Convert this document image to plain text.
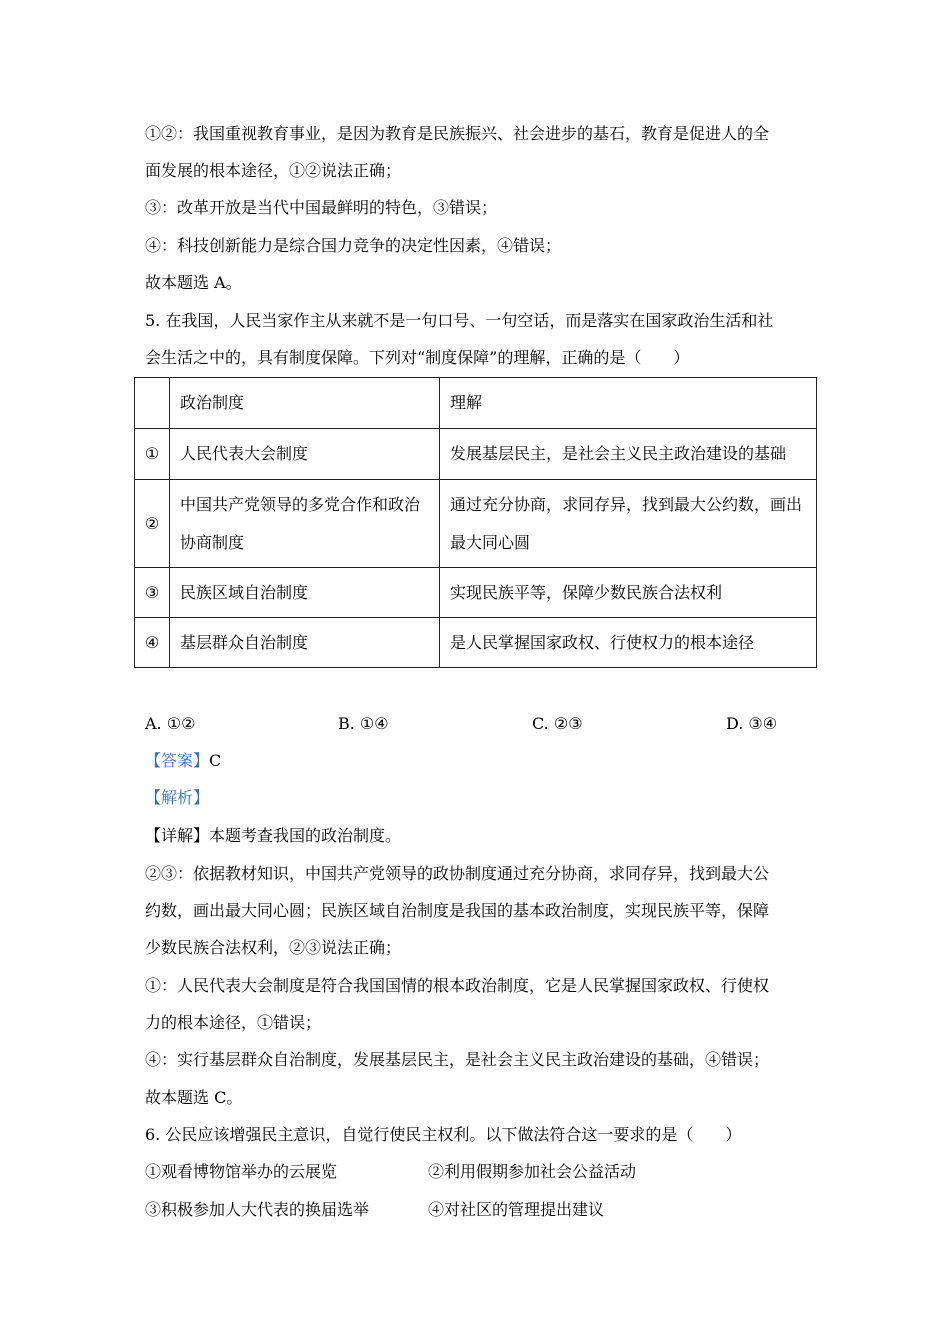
①②：我国重视教育事业，是因为教育是民族振兴、社会进步的基石，教育是促进人的全
面发展的根本途径，①②说法正确；
③：改革开放是当代中国最鲜明的特色，③错误；
④：科技创新能力是综合国力竞争的决定性因素，④错误；
故本题选 A。
5. 在我国，人民当家作主从来就不是一句口号、一句空话，而是落实在国家政治生活和社
会生活之中的，具有制度保障。下列对“制度保障”的理解，正确的是（　　）
	政治制度	理解
①	人民代表大会制度	发展基层民主，是社会主义民主政治建设的基础
②	中国共产党领导的多党合作和政治协商制度	通过充分协商，求同存异，找到最大公约数，画出最大同心圆
③	民族区域自治制度	实现民族平等，保障少数民族合法权利
④	基层群众自治制度	是人民掌握国家政权、行使权力的根本途径
A. ①②	B. ①④	C. ②③	D. ③④
【答案】C
【解析】
【详解】本题考查我国的政治制度。
②③：依据教材知识，中国共产党领导的政协制度通过充分协商，求同存异，找到最大公
约数，画出最大同心圆；民族区域自治制度是我国的基本政治制度，实现民族平等，保障
少数民族合法权利，②③说法正确；
①：人民代表大会制度是符合我国国情的根本政治制度，它是人民掌握国家政权、行使权
力的根本途径，①错误；
④：实行基层群众自治制度，发展基层民主，是社会主义民主政治建设的基础，④错误；
故本题选 C。
6. 公民应该增强民主意识，自觉行使民主权利。以下做法符合这一要求的是（　　）
①观看博物馆举办的云展览	②利用假期参加社会公益活动
③积极参加人大代表的换届选举	④对社区的管理提出建议
